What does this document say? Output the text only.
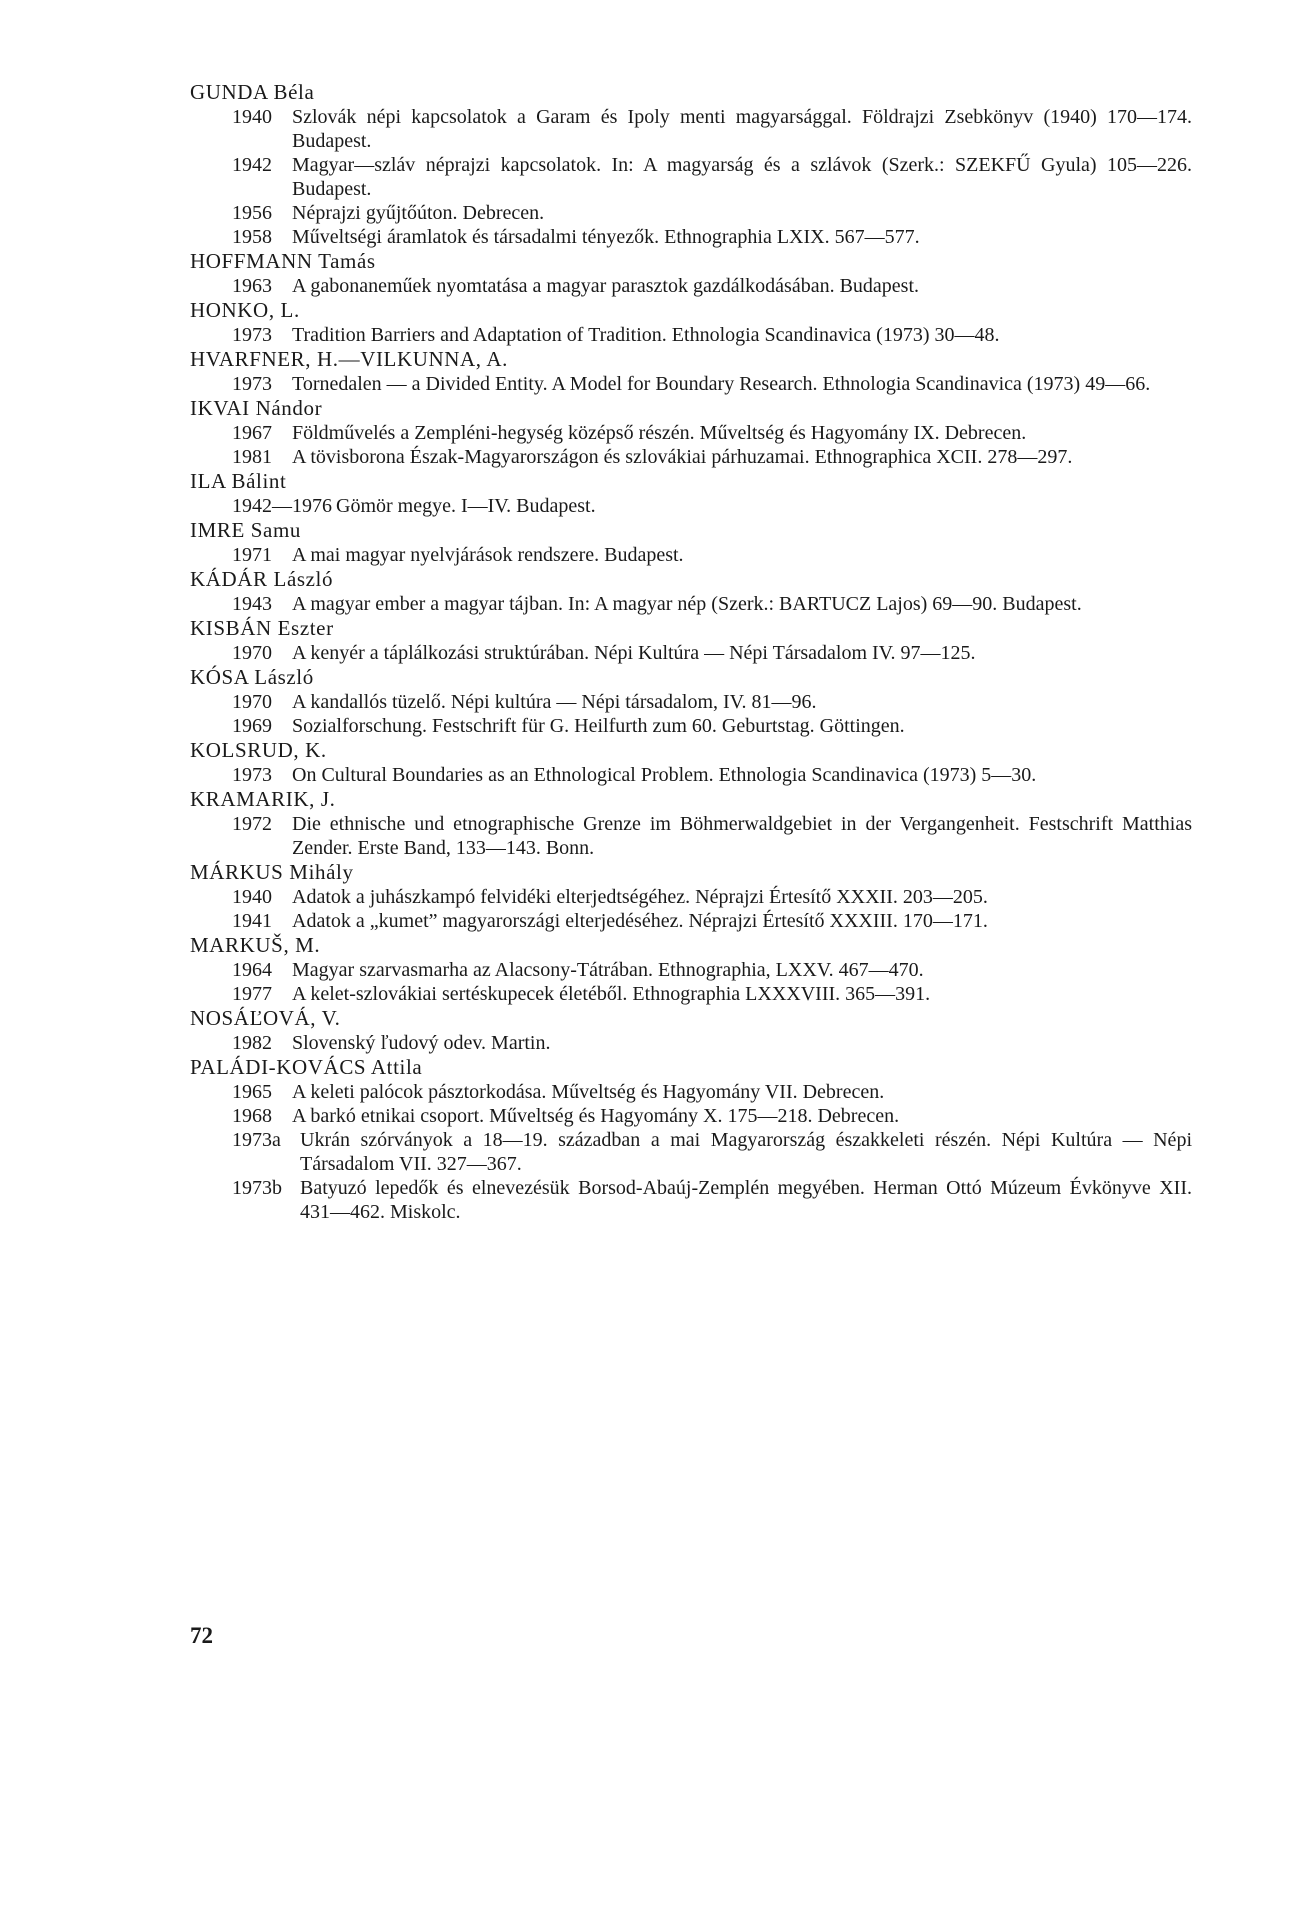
GUNDA Béla
1940	Szlovák népi kapcsolatok a Garam és Ipoly menti magyarsággal. Földrajzi Zsebkönyv (1940) 170—174. Budapest.
1942	Magyar—szláv néprajzi kapcsolatok. In: A magyarság és a szlávok (Szerk.: SZEKFŰ Gyula) 105—226. Budapest.
1956	Néprajzi gyűjtőúton. Debrecen.
1958	Műveltségi áramlatok és társadalmi tényezők. Ethnographia LXIX. 567—577.
HOFFMANN Tamás
1963	A gabonaneműek nyomtatása a magyar parasztok gazdálkodásában. Budapest.
HONKO, L.
1973	Tradition Barriers and Adaptation of Tradition. Ethnologia Scandinavica (1973) 30—48.
HVARFNER, H.—VILKUNNA, A.
1973	Tornedalen — a Divided Entity. A Model for Boundary Research. Ethnologia Scandinavica (1973) 49—66.
IKVAI Nándor
1967	Földművelés a Zempléni-hegység középső részén. Műveltség és Hagyomány IX. Debrecen.
1981	A tövisborona Észak-Magyarországon és szlovákiai párhuzamai. Ethnographica XCII. 278—297.
ILA Bálint
1942—1976 Gömör megye. I—IV. Budapest.
IMRE Samu
1971	A mai magyar nyelvjárások rendszere. Budapest.
KÁDÁR László
1943	A magyar ember a magyar tájban. In: A magyar nép (Szerk.: BARTUCZ Lajos) 69—90. Budapest.
KISBÁN Eszter
1970	A kenyér a táplálkozási struktúrában. Népi Kultúra — Népi Társadalom IV. 97—125.
KÓSA László
1970	A kandallós tüzelő. Népi kultúra — Népi társadalom, IV. 81—96.
1969	Sozialforschung. Festschrift für G. Heilfurth zum 60. Geburtstag. Göttingen.
KOLSRUD, K.
1973	On Cultural Boundaries as an Ethnological Problem. Ethnologia Scandinavica (1973) 5—30.
KRAMARIK, J.
1972	Die ethnische und etnographische Grenze im Böhmerwaldgebiet in der Vergangenheit. Festschrift Matthias Zender. Erste Band, 133—143. Bonn.
MÁRKUS Mihály
1940	Adatok a juhászkampó felvidéki elterjedtségéhez. Néprajzi Értesítő XXXII. 203—205.
1941	Adatok a „kumet” magyarországi elterjedéséhez. Néprajzi Értesítő XXXIII. 170—171.
MARKUŠ, M.
1964	Magyar szarvasmarha az Alacsony-Tátrában. Ethnographia, LXXV. 467—470.
1977	A kelet-szlovákiai sertéskupecek életéből. Ethnographia LXXXVIII. 365—391.
NOSÁĽOVÁ, V.
1982	Slovenský ľudový odev. Martin.
PALÁDI-KOVÁCS Attila
1965	A keleti palócok pásztorkodása. Műveltség és Hagyomány VII. Debrecen.
1968	A barkó etnikai csoport. Műveltség és Hagyomány X. 175—218. Debrecen.
1973a Ukrán szórványok a 18—19. században a mai Magyarország északkeleti részén. Népi Kultúra — Népi Társadalom VII. 327—367.
1973b Batyuzó lepedők és elnevezésük Borsod-Abaúj-Zemplén megyében. Herman Ottó Múzeum Évkönyve XII. 431—462. Miskolc.
72
